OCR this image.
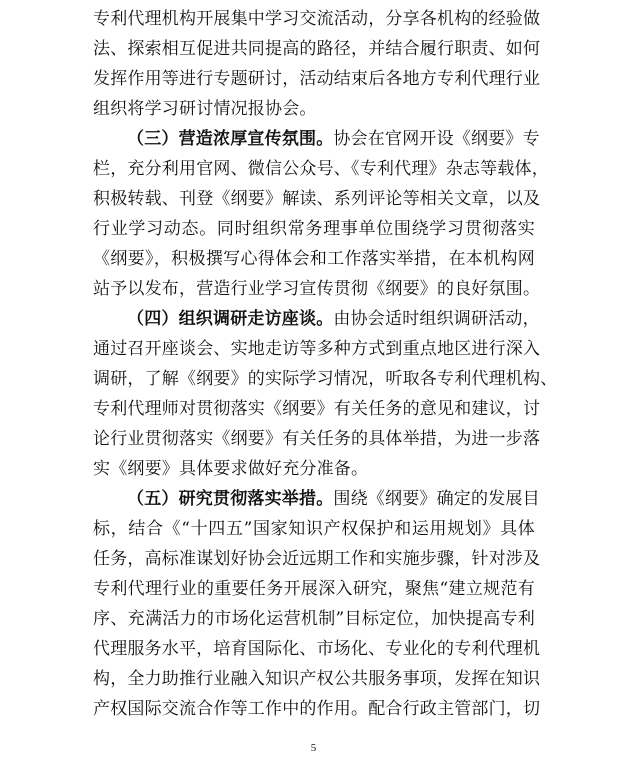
专利代理机构开展集中学习交流活动，分享各机构的经验做
法、探索相互促进共同提高的路径，并结合履行职责、如何
发挥作用等进行专题研讨，活动结束后各地方专利代理行业
组织将学习研讨情况报协会。
（三）营造浓厚宣传氛围。协会在官网开设《纲要》专
栏，充分利用官网、微信公众号、《专利代理》杂志等载体，
积极转载、刊登《纲要》解读、系列评论等相关文章，以及
行业学习动态。同时组织常务理事单位围绕学习贯彻落实
《纲要》，积极撰写心得体会和工作落实举措，在本机构网
站予以发布，营造行业学习宣传贯彻《纲要》的良好氛围。
（四）组织调研走访座谈。由协会适时组织调研活动，
通过召开座谈会、实地走访等多种方式到重点地区进行深入
调研，了解《纲要》的实际学习情况，听取各专利代理机构、
专利代理师对贯彻落实《纲要》有关任务的意见和建议，讨
论行业贯彻落实《纲要》有关任务的具体举措，为进一步落
实《纲要》具体要求做好充分准备。
（五）研究贯彻落实举措。围绕《纲要》确定的发展目
标，结合《“十四五”国家知识产权保护和运用规划》具体
任务，高标准谋划好协会近远期工作和实施步骤，针对涉及
专利代理行业的重要任务开展深入研究，聚焦“建立规范有
序、充满活力的市场化运营机制”目标定位，加快提高专利
代理服务水平，培育国际化、市场化、专业化的专利代理机
构，全力助推行业融入知识产权公共服务事项，发挥在知识
产权国际交流合作等工作中的作用。配合行政主管部门，切
5
